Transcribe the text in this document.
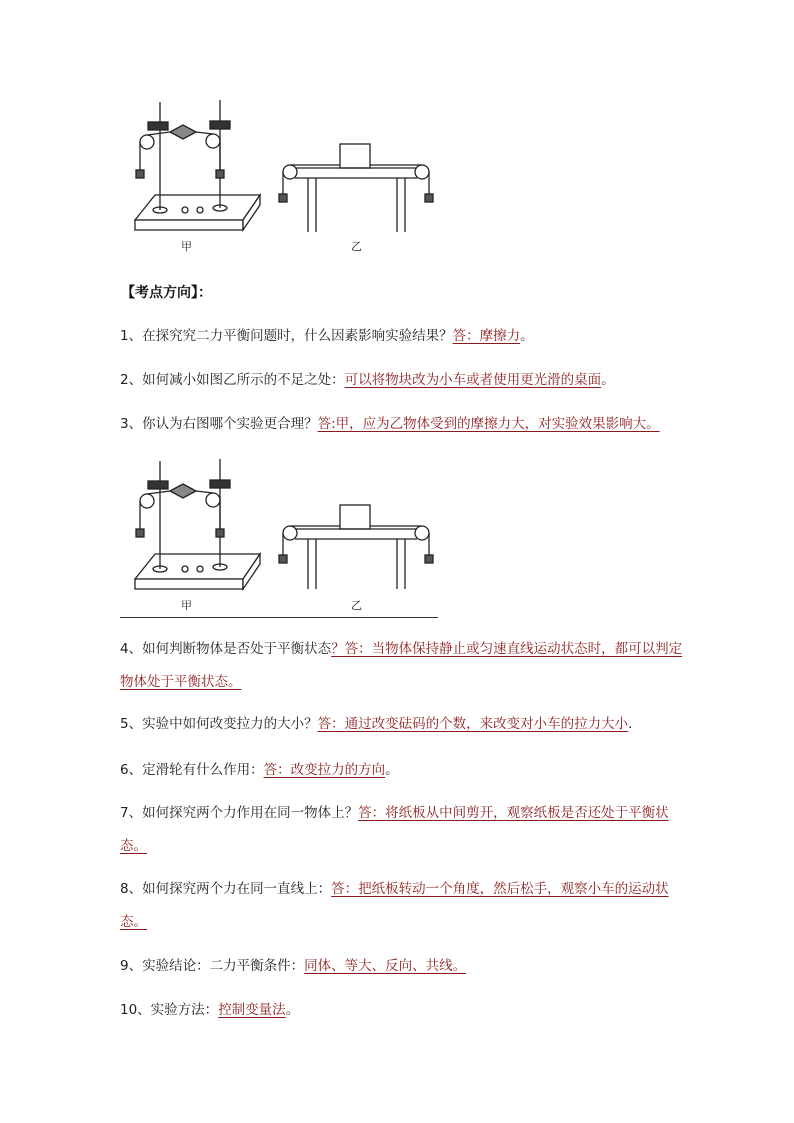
甲	乙
【考点方向】：
1、在探究究二力平衡问题时，什么因素影响实验结果？答：摩擦力。
2、如何减小如图乙所示的不足之处：可以将物块改为小车或者使用更光滑的桌面。
3、你认为右图哪个实验更合理？答:甲，应为乙物体受到的摩擦力大，对实验效果影响大。
甲	乙
4、如何判断物体是否处于平衡状态？答：当物体保持静止或匀速直线运动状态时，都可以判定物体处于平衡状态。
5、实验中如何改变拉力的大小？答：通过改变砝码的个数，来改变对小车的拉力大小.
6、定滑轮有什么作用：答：改变拉力的方向。
7、如何探究两个力作用在同一物体上？答：将纸板从中间剪开，观察纸板是否还处于平衡状态。
8、如何探究两个力在同一直线上：答：把纸板转动一个角度，然后松手，观察小车的运动状态。
9、实验结论：二力平衡条件：同体、等大、反向、共线。
10、实验方法：控制变量法。
